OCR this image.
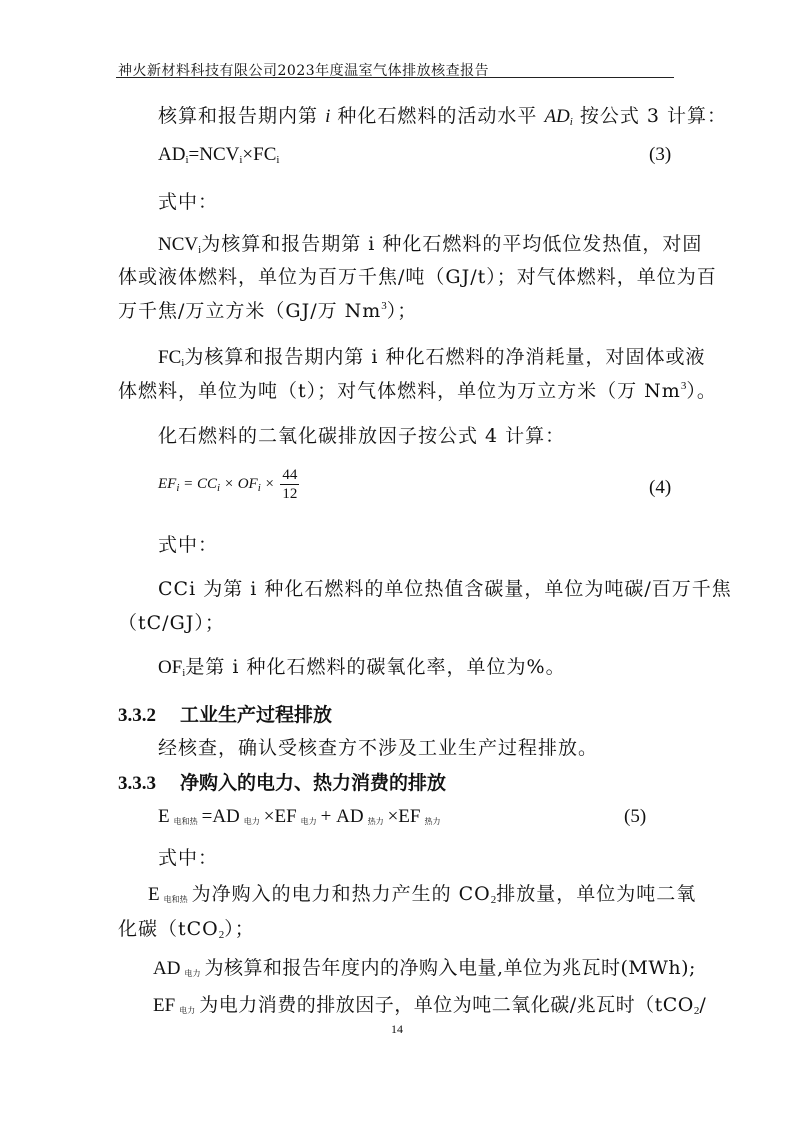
神火新材料科技有限公司2023年度温室气体排放核查报告
核算和报告期内第 i 种化石燃料的活动水平 $AD_i$ 按公式 3 计算：
$AD_i=NCV_i\times FC_i$	(3)
式中：
$NCV_i$为核算和报告期第 i 种化石燃料的平均低位发热值，对固
体或液体燃料，单位为百万千焦/吨（GJ/t）；对气体燃料，单位为百
万千焦/万立方米（GJ/万 Nm$^3$）；
$FC_i$为核算和报告期内第 i 种化石燃料的净消耗量，对固体或液
体燃料，单位为吨（t）；对气体燃料，单位为万立方米（万 Nm$^3$）。
化石燃料的二氧化碳排放因子按公式 4 计算：
$EF_i = CC_i \times OF_i \times \frac{44}{12}$	(4)
式中：
CCi 为第 i 种化石燃料的单位热值含碳量，单位为吨碳/百万千焦
（tC/GJ）；
$OF_i$是第 i 种化石燃料的碳氧化率，单位为%。
3.3.2 工业生产过程排放
经核查，确认受核查方不涉及工业生产过程排放。
3.3.3 净购入的电力、热力消费的排放
E电和热 =AD 电力 ×EF 电力 + AD 热力 ×EF 热力	(5)
式中：
E电和热 为净购入的电力和热力产生的 $CO_2$排放量，单位为吨二氧
化碳（tCO$_2$）；
AD 电力 为核算和报告年度内的净购入电量,单位为兆瓦时(MWh);
EF 电力 为电力消费的排放因子，单位为吨二氧化碳/兆瓦时（tCO$_2$/
14
